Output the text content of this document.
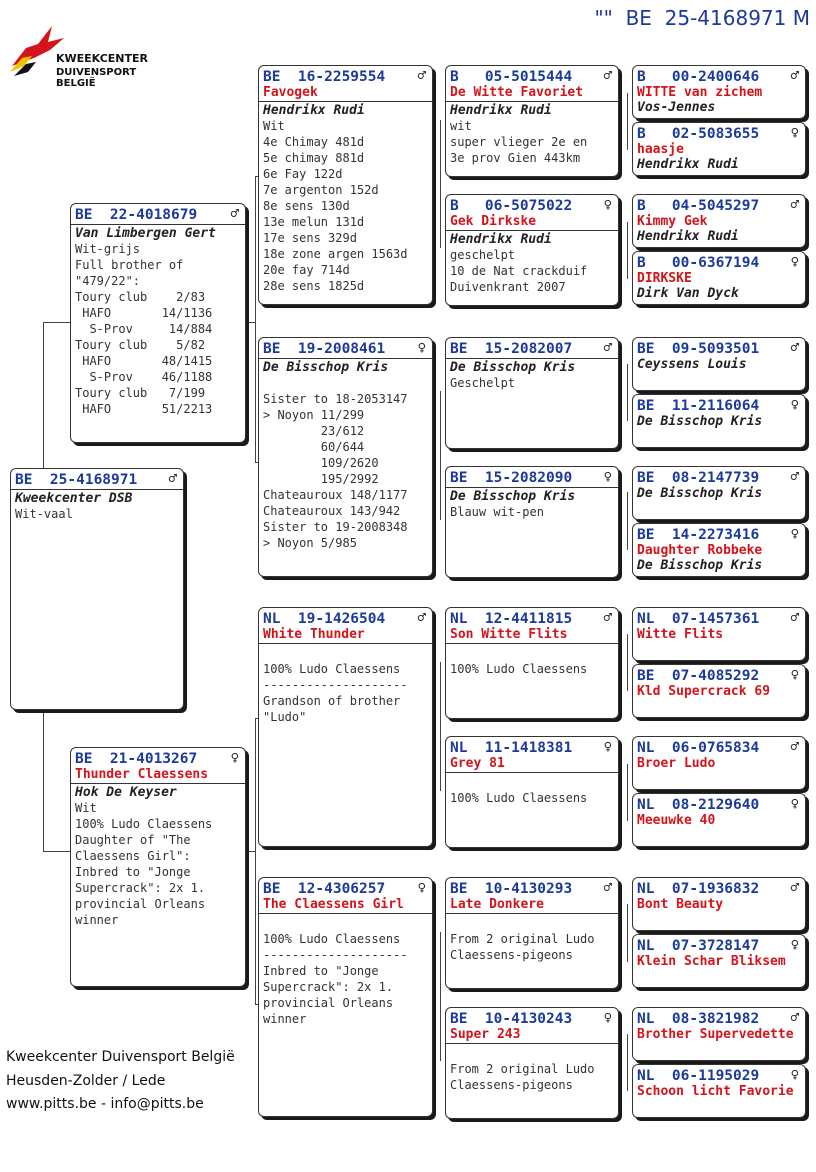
KWEEKCENTER
DUIVENSPORT BELGIË
""  BE  25-4168971 M
BE  25-4168971	♂
Kweekcenter DSB
Wit-vaal
BE  22-4018679	♂
Van Limbergen Gert
Wit-grijs
Full brother of
"479/22":
Toury club    2/83
HAFO       14/1136
S-Prov     14/884
Toury club    5/82
HAFO       48/1415
S-Prov    46/1188
Toury club   7/199
HAFO       51/2213
BE  21-4013267	♀
Thunder Claessens
Hok De Keyser
Wit
100% Ludo Claessens
Daughter of "The
Claessens Girl":
Inbred to "Jonge
Supercrack": 2x 1.
provincial Orleans
winner
BE  16-2259554	♂
Favogek
Hendrikx Rudi
Wit
4e Chimay 481d
5e chimay 881d
6e Fay 122d
7e argenton 152d
8e sens 130d
13e melun 131d
17e sens 329d
18e zone argen 1563d
20e fay 714d
28e sens 1825d
BE  19-2008461	♀
De Bisschop Kris

Sister to 18-2053147
> Noyon 11/299
23/612
60/644
109/2620
195/2992
Chateauroux 148/1177
Chateauroux 143/942
Sister to 19-2008348
> Noyon 5/985
NL  19-1426504	♂
White Thunder

100% Ludo Claessens
--------------------
Grandson of brother
"Ludo"
BE  12-4306257	♀
The Claessens Girl

100% Ludo Claessens
--------------------
Inbred to "Jonge
Supercrack": 2x 1.
provincial Orleans
winner
B   05-5015444	♂
De Witte Favoriet
Hendrikx Rudi
wit
super vlieger 2e en
3e prov Gien 443km
B   06-5075022	♀
Gek Dirkske
Hendrikx Rudi
geschelpt
10 de Nat crackduif
Duivenkrant 2007
BE  15-2082007	♂
De Bisschop Kris
Geschelpt
BE  15-2082090	♀
De Bisschop Kris
Blauw wit-pen
NL  12-4411815	♂
Son Witte Flits

100% Ludo Claessens
NL  11-1418381	♀
Grey 81

100% Ludo Claessens
BE  10-4130293	♂
Late Donkere

From 2 original Ludo
Claessens-pigeons
BE  10-4130243	♀
Super 243

From 2 original Ludo
Claessens-pigeons
B   00-2400646	♂
WITTE van zichem
Vos-Jennes
B   02-5083655	♀
haasje
Hendrikx Rudi
B   04-5045297	♂
Kimmy Gek
Hendrikx Rudi
B   00-6367194	♀
DIRKSKE
Dirk Van Dyck
BE  09-5093501	♂
Ceyssens Louis
BE  11-2116064	♀
De Bisschop Kris
BE  08-2147739	♂
De Bisschop Kris
BE  14-2273416	♀
Daughter Robbeke
De Bisschop Kris
NL  07-1457361	♂
Witte Flits
BE  07-4085292	♀
Kld Supercrack 69
NL  06-0765834	♂
Broer Ludo
NL  08-2129640	♀
Meeuwke 40
NL  07-1936832	♂
Bont Beauty
NL  07-3728147	♀
Klein Schar Bliksem
NL  08-3821982	♂
Brother Supervedette
NL  06-1195029	♀
Schoon licht Favorie
Kweekcenter Duivensport België
Heusden-Zolder / Lede
www.pitts.be - info@pitts.be
